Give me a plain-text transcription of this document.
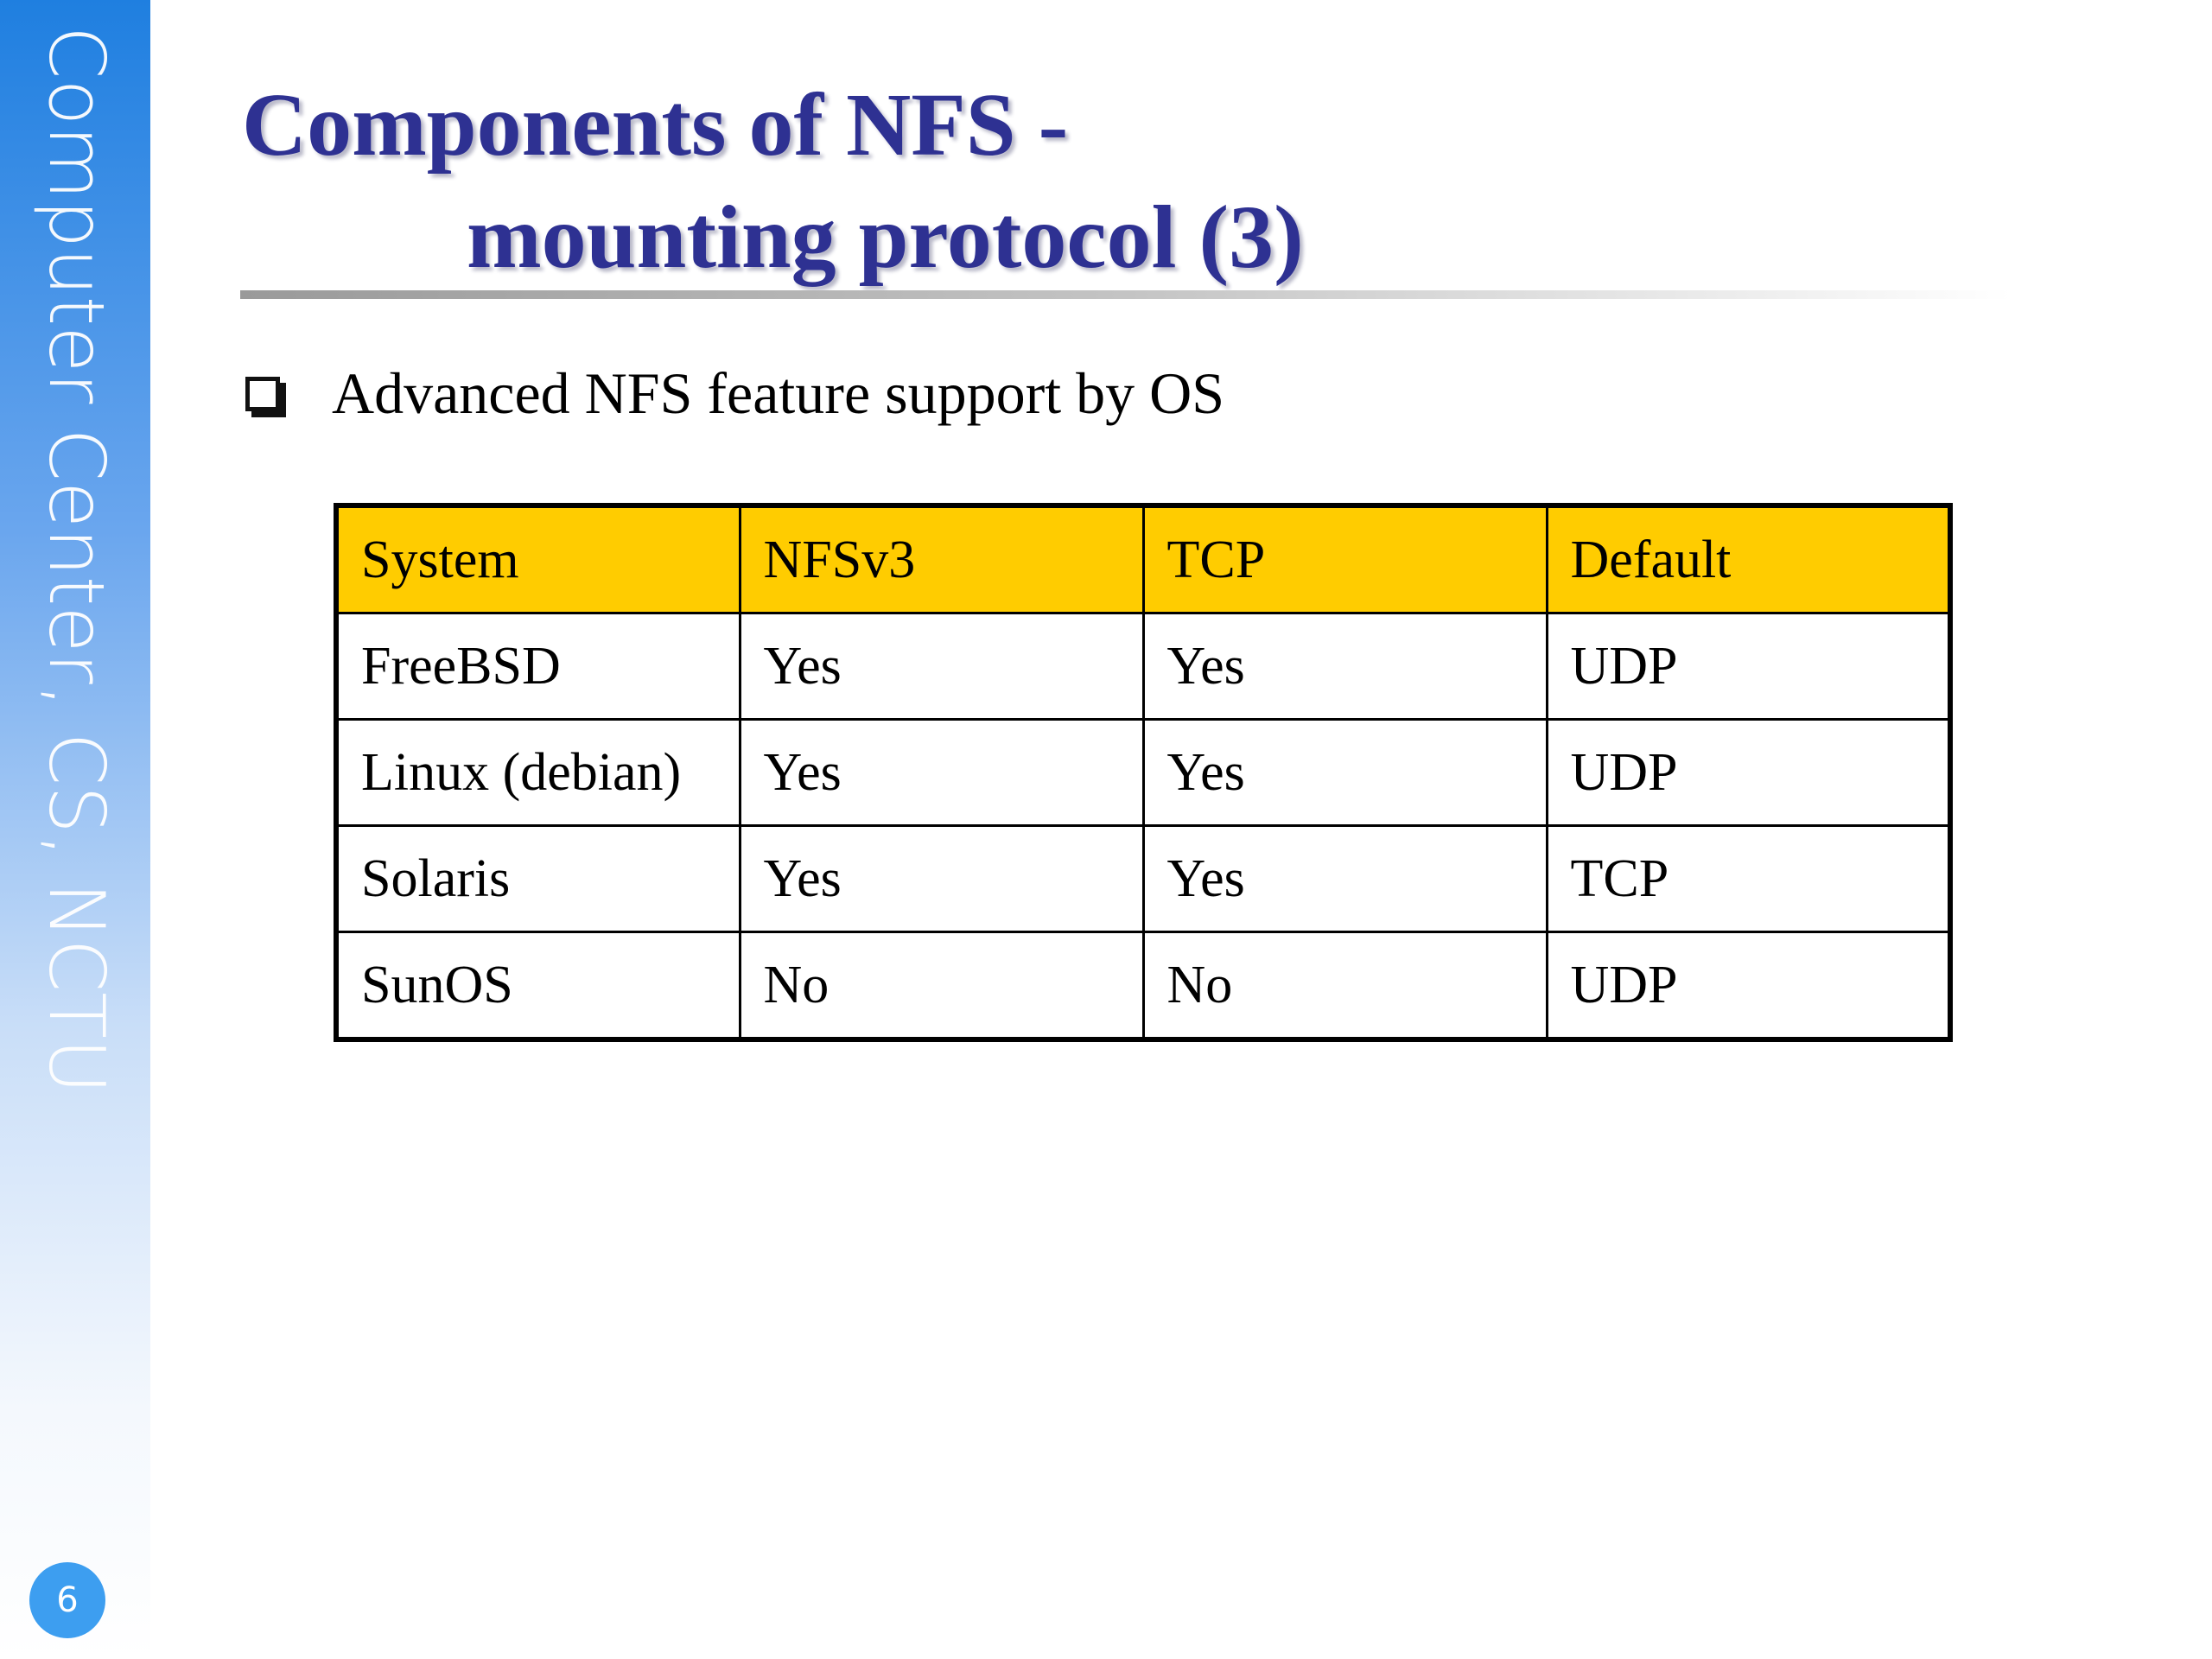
Computer Center, CS, NCTU
6
Components of NFS -
mounting protocol (3)
Advanced NFS feature support by OS
System	NFSv3	TCP	Default
FreeBSD	Yes	Yes	UDP
Linux (debian)	Yes	Yes	UDP
Solaris	Yes	Yes	TCP
SunOS	No	No	UDP
